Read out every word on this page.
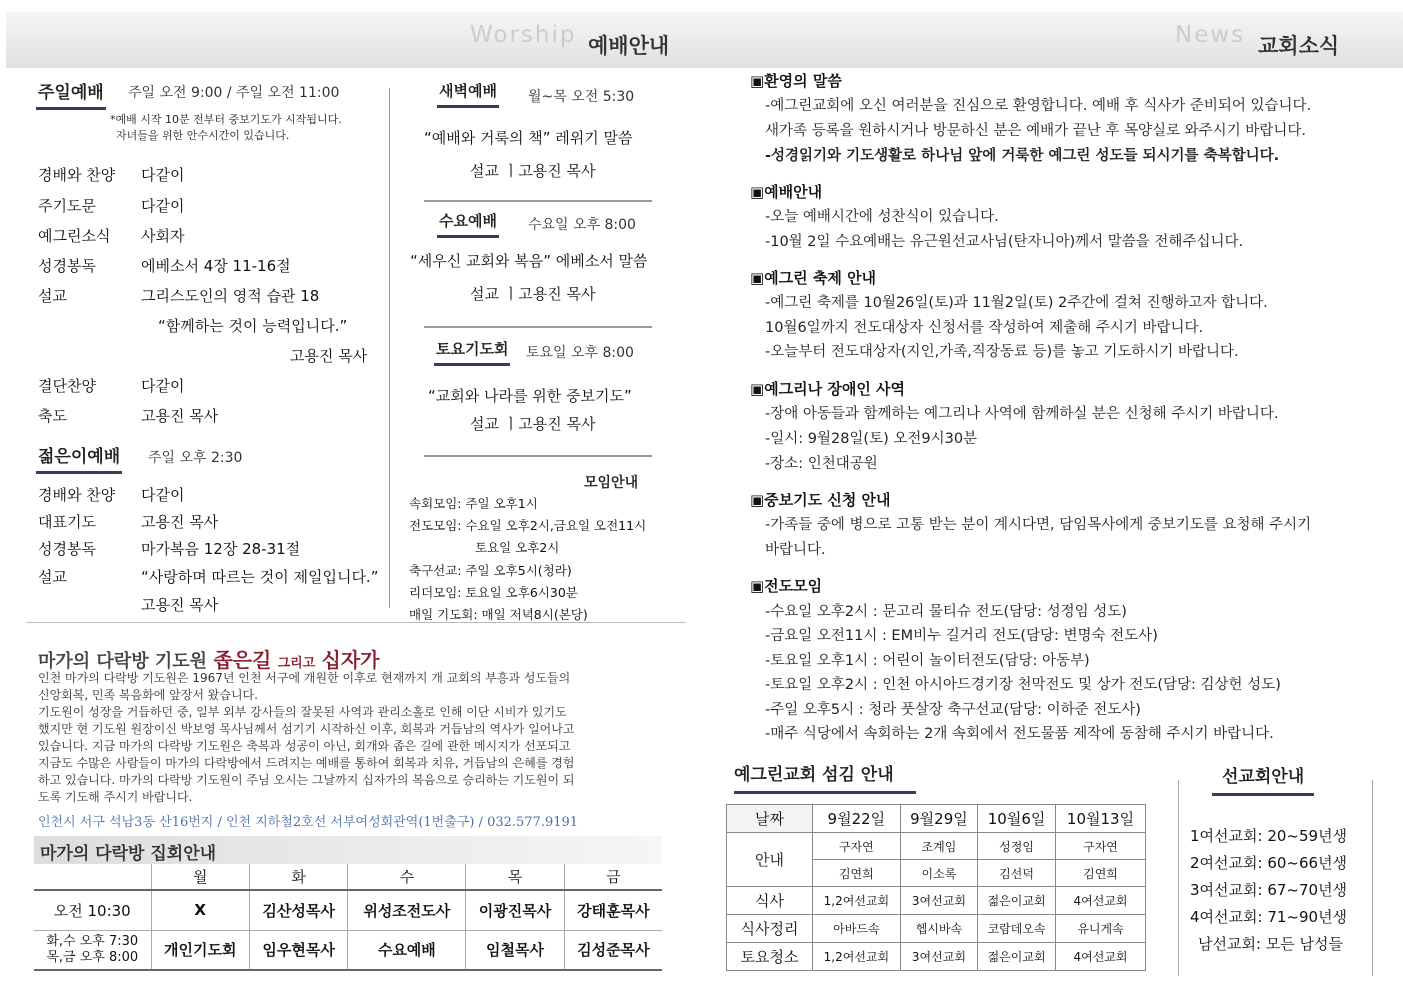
Worship 예배안내	News 교회소식
주일예배 주일 오전 9:00 / 주일 오전 11:00
*예배 시작 10분 전부터 중보기도가 시작됩니다.
자녀들을 위한 안수시간이 있습니다.
경배와 찬양 다같이
주기도문	다같이
예그린소식 사회자
성경봉독	에베소서 4장 11-16절
설교	그리스도인의 영적 습관 18
“함께하는 것이 능력입니다.”
고용진 목사
결단찬양	다같이
축도	고용진 목사
젊은이예배 주일 오후 2:30
경배와 찬양 다같이
대표기도	고용진 목사
성경봉독	마가복음 12장 28-31절
설교	“사랑하며 따르는 것이 제일입니다.”
고용진 목사
새벽예배 월~목 오전 5:30
“예배와 거룩의 책” 레위기 말씀
설교 ㅣ고용진 목사
수요예배 수요일 오후 8:00
“세우신 교회와 복음” 에베소서 말씀
설교 ㅣ고용진 목사
토요기도회 토요일 오후 8:00
“교회와 나라를 위한 중보기도”
설교 ㅣ고용진 목사
모임안내
속회모임: 주일 오후1시
전도모임: 수요일 오후2시,금요일 오전11시
토요일 오후2시
축구선교: 주일 오후5시(청라)
리더모임: 토요일 오후6시30분
매일 기도회: 매일 저녁8시(본당)
마가의 다락방 기도원 좁은길 그리고 십자가
인천 마가의 다락방 기도원은 1967년 인천 서구에 개원한 이후로 현재까지 개 교회의 부흥과 성도들의
신앙회복, 민족 복음화에 앞장서 왔습니다.
기도원이 성장을 거듭하던 중, 일부 외부 강사들의 잘못된 사역과 관리소홀로 인해 이단 시비가 있기도
했지만 현 기도원 원장이신 박보영 목사님께서 섬기기 시작하신 이후, 회복과 거듭남의 역사가 일어나고
있습니다. 지금 마가의 다락방 기도원은 축복과 성공이 아닌, 회개와 좁은 길에 관한 메시지가 선포되고
지금도 수많은 사람들이 마가의 다락방에서 드려지는 예배를 통하여 회복과 치유, 거듭남의 은혜를 경험
하고 있습니다. 마가의 다락방 기도원이 주님 오시는 그날까지 십자가의 복음으로 승리하는 기도원이 되
도록 기도해 주시기 바랍니다.
인천시 서구 석남3동 산16번지 / 인천 지하철2호선 서부여성회관역(1번출구) / 032.577.9191
마가의 다락방 집회안내
	월	화	수	목	금
오전 10:30	X	김산성목사	위성조전도사	이광진목사	강태훈목사

화,수 오후 7:30
목,금 오후 8:00	개인기도회	임우현목사	수요예배	임철목사	김성준목사
▣환영의 말씀
-예그린교회에 오신 여러분을 진심으로 환영합니다. 예배 후 식사가 준비되어 있습니다.
새가족 등록을 원하시거나 방문하신 분은 예배가 끝난 후 목양실로 와주시기 바랍니다.
-성경읽기와 기도생활로 하나님 앞에 거룩한 예그린 성도들 되시기를 축복합니다.
▣예배안내
-오늘 예배시간에 성찬식이 있습니다.
-10월 2일 수요예배는 유근원선교사님(탄자니아)께서 말씀을 전해주십니다.
▣예그린 축제 안내
-예그린 축제를 10월26일(토)과 11월2일(토) 2주간에 걸쳐 진행하고자 합니다.
10월6일까지 전도대상자 신청서를 작성하여 제출해 주시기 바랍니다.
-오늘부터 전도대상자(지인,가족,직장동료 등)를 놓고 기도하시기 바랍니다.
▣예그리나 장애인 사역
-장애 아동들과 함께하는 예그리나 사역에 함께하실 분은 신청해 주시기 바랍니다.
-일시: 9월28일(토) 오전9시30분
-장소: 인천대공원
▣중보기도 신청 안내
-가족들 중에 병으로 고통 받는 분이 계시다면, 담임목사에게 중보기도를 요청해 주시기
바랍니다.
▣전도모임
-수요일 오후2시 : 문고리 물티슈 전도(담당: 성정임 성도)
-금요일 오전11시 : EM비누 길거리 전도(담당: 변명숙 전도사)
-토요일 오후1시 : 어린이 놀이터전도(담당: 아동부)
-토요일 오후2시 : 인천 아시아드경기장 천막전도 및 상가 전도(담당: 김상헌 성도)
-주일 오후5시 : 청라 풋살장 축구선교(담당: 이하준 전도사)
-매주 식당에서 속회하는 2개 속회에서 전도물품 제작에 동참해 주시기 바랍니다.
예그린교회 섬김 안내
날짜	9월22일	9월29일	10월6일	10월13일
안내	구자연	조계임	성정임	구자연
	김연희	이소록	김선덕	김연희
식사	1,2여선교회	3여선교회	젊은이교회	4여선교회
식사정리	아바드속	헵시바속	코람데오속	유니게속
토요청소	1,2여선교회	3여선교회	젊은이교회	4여선교회
선교회안내
1여선교회: 20~59년생
2여선교회: 60~66년생
3여선교회: 67~70년생
4여선교회: 71~90년생
남선교회: 모든 남성들
